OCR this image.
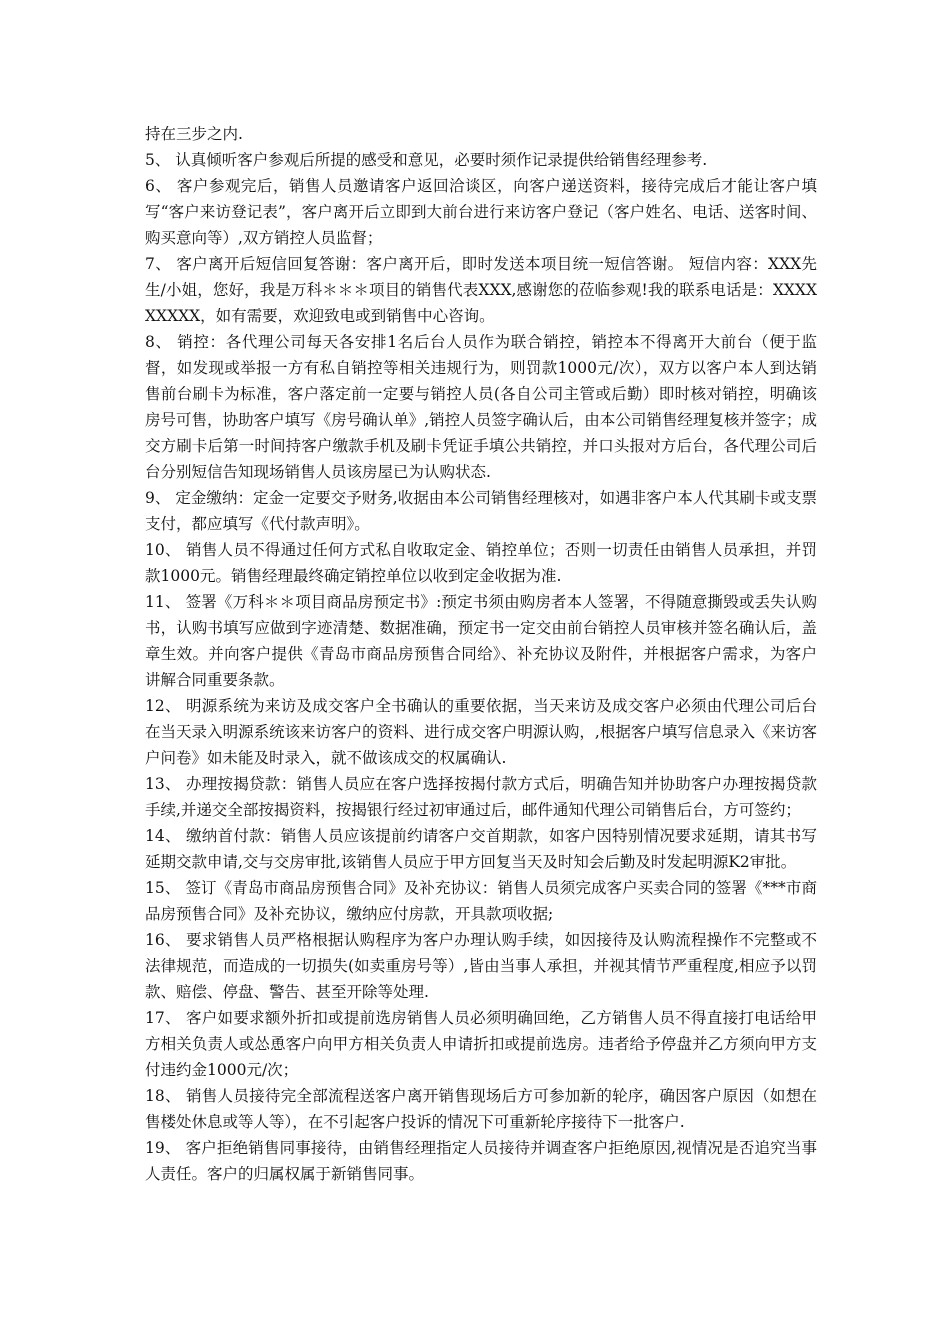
持在三步之内.

5、 认真倾听客户参观后所提的感受和意见，必要时须作记录提供给销售经理参考.

6、 客户参观完后，销售人员邀请客户返回洽谈区，向客户递送资料，接待完成后才能让客户填写“客户来访登记表”，客户离开后立即到大前台进行来访客户登记（客户姓名、电话、送客时间、购买意向等）,双方销控人员监督；

7、 客户离开后短信回复答谢：客户离开后，即时发送本项目统一短信答谢。 短信内容：XXX先生/小姐，您好，我是万科＊＊＊项目的销售代表XXX,感谢您的莅临参观!我的联系电话是：XXXXXXXXX，如有需要，欢迎致电或到销售中心咨询。

8、 销控：各代理公司每天各安排1名后台人员作为联合销控，销控本不得离开大前台（便于监督，如发现或举报一方有私自销控等相关违规行为，则罚款1000元/次），双方以客户本人到达销售前台刷卡为标准，客户落定前一定要与销控人员(各自公司主管或后勤）即时核对销控，明确该房号可售，协助客户填写《房号确认单》,销控人员签字确认后，由本公司销售经理复核并签字；成交方刷卡后第一时间持客户缴款手机及刷卡凭证手填公共销控，并口头报对方后台，各代理公司后台分别短信告知现场销售人员该房屋已为认购状态.

9、 定金缴纳：定金一定要交予财务,收据由本公司销售经理核对，如遇非客户本人代其刷卡或支票支付，都应填写《代付款声明》。

10、 销售人员不得通过任何方式私自收取定金、销控单位；否则一切责任由销售人员承担，并罚款1000元。销售经理最终确定销控单位以收到定金收据为准.

11、 签署《万科＊＊项目商品房预定书》:预定书须由购房者本人签署，不得随意撕毁或丢失认购书，认购书填写应做到字迹清楚、数据准确，预定书一定交由前台销控人员审核并签名确认后，盖章生效。并向客户提供《青岛市商品房预售合同给》、补充协议及附件，并根据客户需求，为客户讲解合同重要条款。

12、 明源系统为来访及成交客户全书确认的重要依据，当天来访及成交客户必须由代理公司后台在当天录入明源系统该来访客户的资料、进行成交客户明源认购，,根据客户填写信息录入《来访客户问卷》如未能及时录入，就不做该成交的权属确认.

13、 办理按揭贷款：销售人员应在客户选择按揭付款方式后，明确告知并协助客户办理按揭贷款手续,并递交全部按揭资料，按揭银行经过初审通过后，邮件通知代理公司销售后台，方可签约；

14、 缴纳首付款：销售人员应该提前约请客户交首期款，如客户因特别情况要求延期，请其书写延期交款申请,交与交房审批,该销售人员应于甲方回复当天及时知会后勤及时发起明源K2审批。

15、 签订《青岛市商品房预售合同》及补充协议：销售人员须完成客户买卖合同的签署《***市商品房预售合同》及补充协议，缴纳应付房款，开具款项收据;

16、 要求销售人员严格根据认购程序为客户办理认购手续，如因接待及认购流程操作不完整或不法律规范，而造成的一切损失(如卖重房号等）,皆由当事人承担，并视其情节严重程度,相应予以罚款、赔偿、停盘、警告、甚至开除等处理.

17、 客户如要求额外折扣或提前选房销售人员必须明确回绝，乙方销售人员不得直接打电话给甲方相关负责人或怂恿客户向甲方相关负责人申请折扣或提前选房。违者给予停盘并乙方须向甲方支付违约金1000元/次；

18、 销售人员接待完全部流程送客户离开销售现场后方可参加新的轮序，确因客户原因（如想在售楼处休息或等人等），在不引起客户投诉的情况下可重新轮序接待下一批客户.

19、 客户拒绝销售同事接待，由销售经理指定人员接待并调查客户拒绝原因,视情况是否追究当事人责任。客户的归属权属于新销售同事。
